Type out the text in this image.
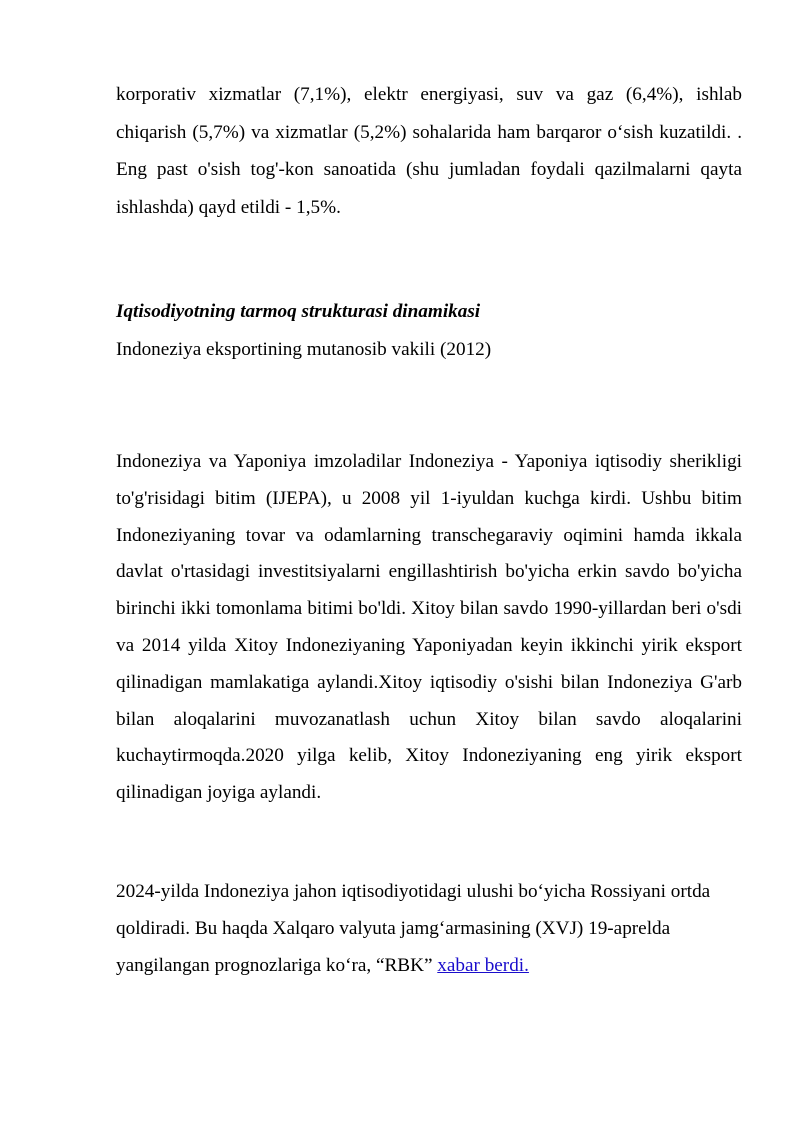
korporativ xizmatlar (7,1%), elektr energiyasi, suv va gaz (6,4%), ishlab chiqarish (5,7%) va xizmatlar (5,2%) sohalarida ham barqaror o‘sish kuzatildi. . Eng past o'sish tog'-kon sanoatida (shu jumladan foydali qazilmalarni qayta ishlashda) qayd etildi - 1,5%.
Iqtisodiyotning tarmoq strukturasi dinamikasi
Indoneziya eksportining mutanosib vakili (2012)
Indoneziya va Yaponiya imzoladilar Indoneziya - Yaponiya iqtisodiy sherikligi to'g'risidagi bitim (IJEPA), u 2008 yil 1-iyuldan kuchga kirdi. Ushbu bitim Indoneziyaning tovar va odamlarning transchegaraviy oqimini hamda ikkala davlat o'rtasidagi investitsiyalarni engillashtirish bo'yicha erkin savdo bo'yicha birinchi ikki tomonlama bitimi bo'ldi. Xitoy bilan savdo 1990-yillardan beri o'sdi va 2014 yilda Xitoy Indoneziyaning Yaponiyadan keyin ikkinchi yirik eksport qilinadigan mamlakatiga aylandi.Xitoy iqtisodiy o'sishi bilan Indoneziya G'arb bilan aloqalarini muvozanatlash uchun Xitoy bilan savdo aloqalarini kuchaytirmoqda.2020 yilga kelib, Xitoy Indoneziyaning eng yirik eksport qilinadigan joyiga aylandi.
2024-yilda Indoneziya jahon iqtisodiyotidagi ulushi bo‘yicha Rossiyani ortda qoldiradi. Bu haqda Xalqaro valyuta jamg‘armasining (XVJ) 19-aprelda yangilangan prognozlariga ko‘ra, “RBK” xabar berdi.
